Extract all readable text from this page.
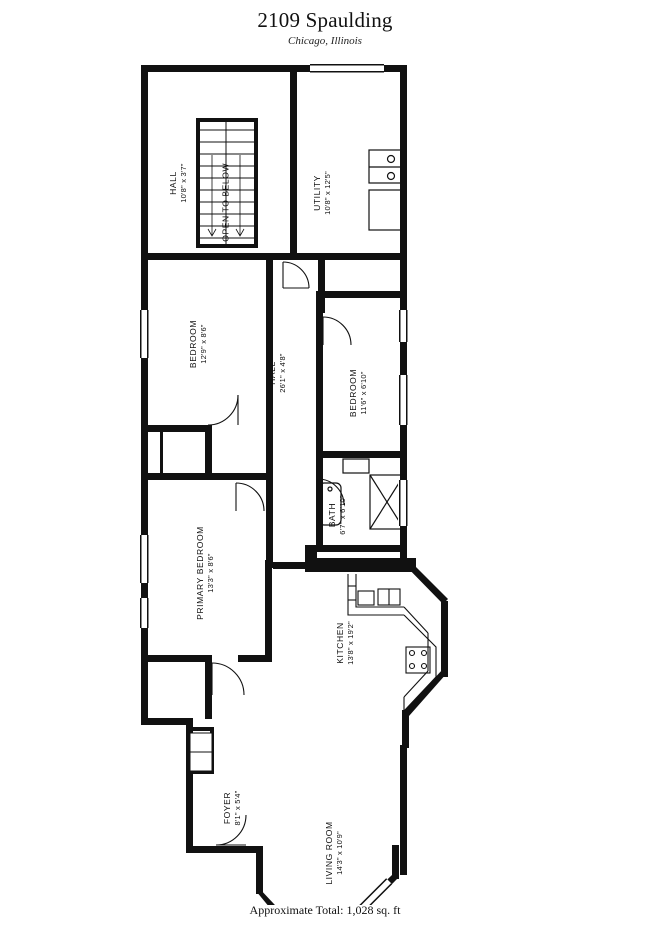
2109 Spaulding
Chicago, Illinois
HALL 10'8" x 3'7"	OPEN TO BELOW	UTILITY 10'8" x 12'5"
BEDROOM 12'9" x 8'6"
HALL 26'1" x 4'8"	BEDROOM 11'6" x 6'10"
BATH 6'7" x 6'10"
PRIMARY BEDROOM 13'3" x 8'6"
KITCHEN 13'8" x 19'2"
FOYER 8'1" x 5'4"
LIVING ROOM 14'3" x 10'9"
Approximate Total: 1,028 sq. ft
